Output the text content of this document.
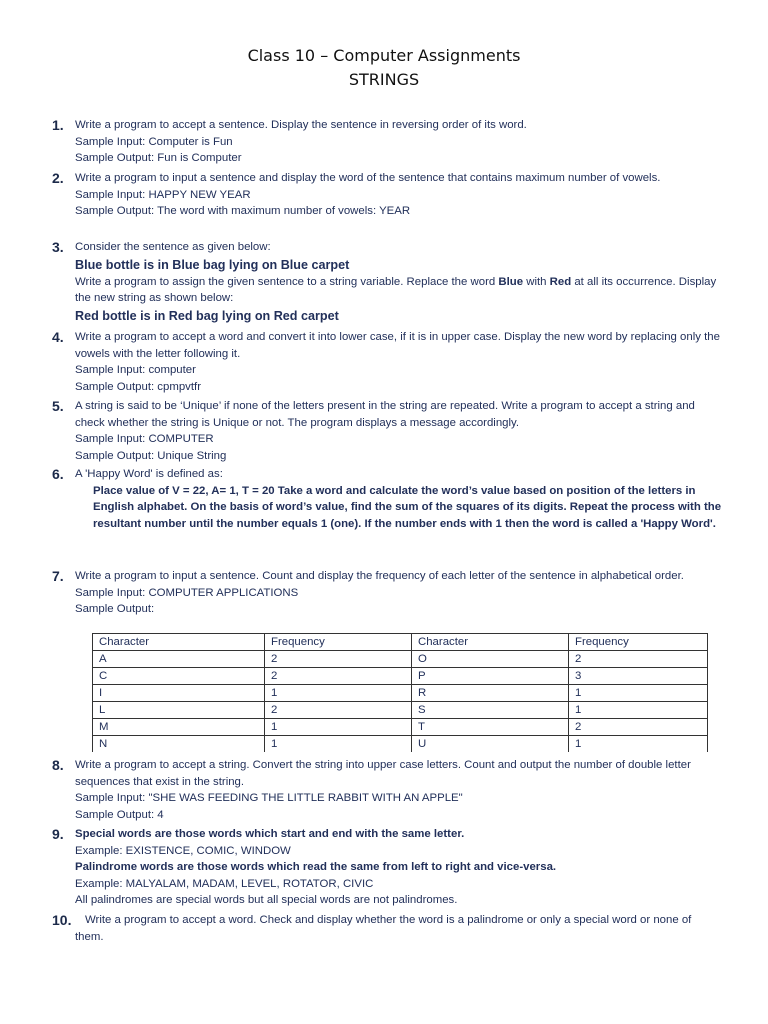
Class 10 – Computer Assignments
STRINGS
1. Write a program to accept a sentence. Display the sentence in reversing order of its word.
Sample Input: Computer is Fun
Sample Output: Fun is Computer
2. Write a program to input a sentence and display the word of the sentence that contains maximum number of vowels.
Sample Input: HAPPY NEW YEAR
Sample Output: The word with maximum number of vowels: YEAR
3. Consider the sentence as given below:
Blue bottle is in Blue bag lying on Blue carpet
Write a program to assign the given sentence to a string variable. Replace the word Blue with Red at all its occurrence. Display the new string as shown below:
Red bottle is in Red bag lying on Red carpet
4. Write a program to accept a word and convert it into lower case, if it is in upper case. Display the new word by replacing only the vowels with the letter following it.
Sample Input: computer
Sample Output: cpmpvtfr
5. A string is said to be ‘Unique’ if none of the letters present in the string are repeated. Write a program to accept a string and check whether the string is Unique or not. The program displays a message accordingly.
Sample Input: COMPUTER
Sample Output: Unique String
6. A 'Happy Word' is defined as:
Place value of V = 22, A= 1, T = 20 Take a word and calculate the word’s value based on position of the letters in English alphabet. On the basis of word’s value, find the sum of the squares of its digits. Repeat the process with the resultant number until the number equals 1 (one). If the number ends with 1 then the word is called a 'Happy Word'.
7. Write a program to input a sentence. Count and display the frequency of each letter of the sentence in alphabetical order.
Sample Input: COMPUTER APPLICATIONS
Sample Output:
Character	Frequency	Character	Frequency
A	2	O	2
C	2	P	3
I	1	R	1
L	2	S	1
M	1	T	2
N	1	U	1
8. Write a program to accept a string. Convert the string into upper case letters. Count and output the number of double letter sequences that exist in the string.
Sample Input: "SHE WAS FEEDING THE LITTLE RABBIT WITH AN APPLE"
Sample Output: 4
9. Special words are those words which start and end with the same letter.
Example: EXISTENCE, COMIC, WINDOW
Palindrome words are those words which read the same from left to right and vice-versa.
Example: MALYALAM, MADAM, LEVEL, ROTATOR, CIVIC
All palindromes are special words but all special words are not palindromes.
10.	Write a program to accept a word. Check and display whether the word is a palindrome or only a special word or none of them.
